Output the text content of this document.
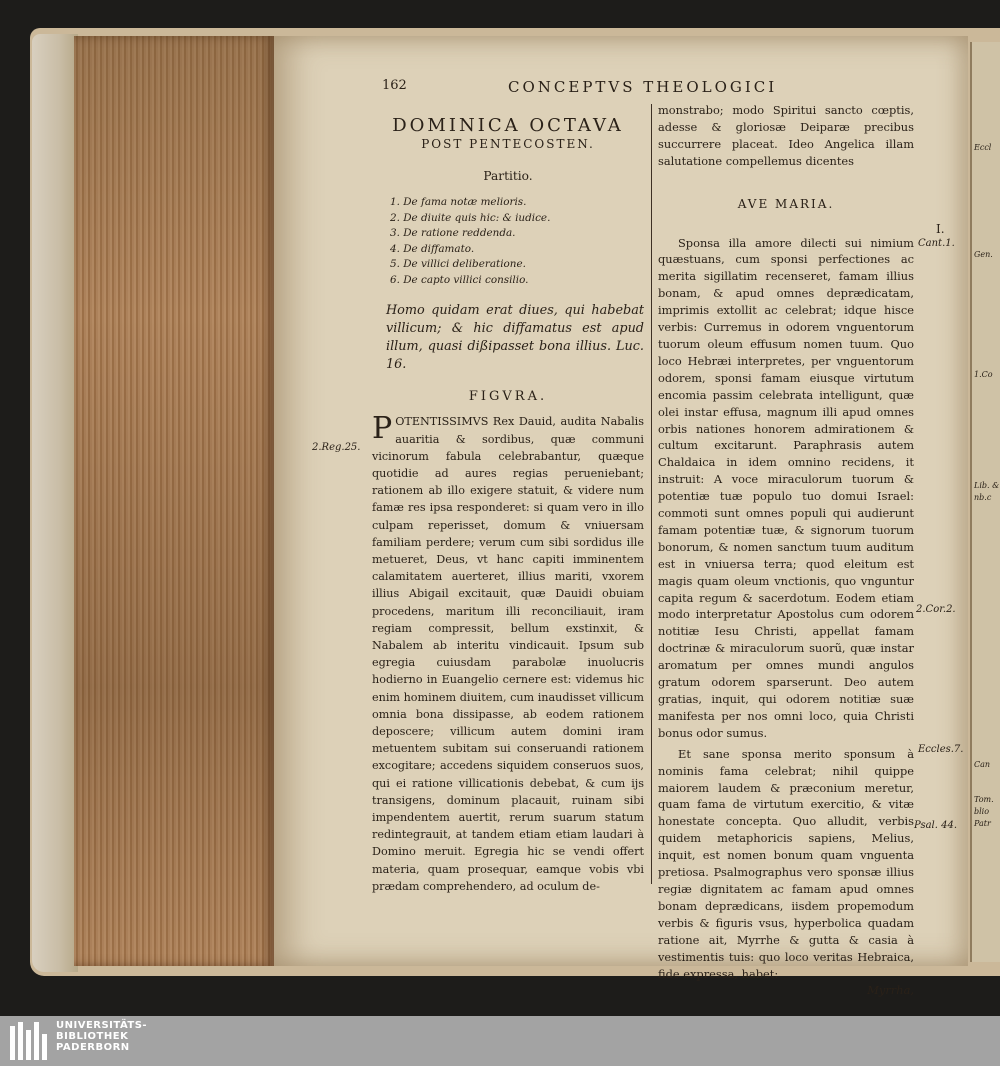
Eccl
Gen.
1.Co
Lib. & nb.c
Can
Tom. blio Patr
162	CONCEPTVS THEOLOGICI
DOMINICA OCTAVA
POST PENTECOSTEN.
Partitio.
1. De fama notæ melioris.
2. De diuite quis hic: & iudice.
3. De ratione reddenda.
4. De diffamato.
5. De villici deliberatione.
6. De capto villici consilio.

Homo quidam erat diues, qui habebat villicum; & hic diffamatus est apud illum, quasi dißipasset bona illius. Luc. 16.

FIGVRA.

POTENTISSIMVS Rex Dauid, audita Nabalis auaritia & sordibus, quæ communi vicinorum fabula celebrabantur, quæque quotidie ad aures regias perueniebant; rationem ab illo exigere statuit, & videre num famæ res ipsa responderet: si quam vero in illo culpam reperisset, domum & vniuersam familiam perdere; verum cum sibi sordidus ille metueret, Deus, vt hanc capiti imminentem calamitatem auerteret, illius mariti, vxorem illius Abigail excitauit, quæ Dauidi obuiam procedens, maritum illi reconciliauit, iram regiam compressit, bellum exstinxit, & Nabalem ab interitu vindicauit. Ipsum sub egregia cuiusdam parabolæ inuolucris hodierno in Euangelio cernere est: videmus hic enim hominem diuitem, cum inaudisset villicum omnia bona dissipasse, ab eodem rationem deposcere; villicum autem domini iram metuentem subitam sui conseruandi rationem excogitare; accedens siquidem conseruos suos, qui ei ratione villicationis debebat, & cum ijs transigens, dominum placauit, ruinam sibi impendentem auertit, rerum suarum statum redintegrauit, at tandem etiam etiam laudari à Domino meruit. Egregia hic se vendi offert materia, quam prosequar, eamque vobis vbi prædam comprehendero, ad oculum de-

monstrabo; modo Spiritui sancto cœptis, adesse & gloriosæ Deiparæ precibus succurrere placeat. Ideo Angelica illam salutatione compellemus dicentes

AVE MARIA.

Sponsa illa amore dilecti sui nimium quæstuans, cum sponsi perfectiones ac merita sigillatim recenseret, famam illius bonam, & apud omnes deprædicatam, imprimis extollit ac celebrat; idque hisce verbis: Curremus in odorem vnguentorum tuorum oleum effusum nomen tuum. Quo loco Hebræi interpretes, per vnguentorum odorem, sponsi famam eiusque virtutum encomia passim celebrata intelligunt, quæ olei instar effusa, magnum illi apud omnes orbis nationes honorem admirationem & cultum excitarunt. Paraphrasis autem Chaldaica in idem omnino recidens, it instruit: A voce miraculorum tuorum & potentiæ tuæ populo tuo domui Israel: commoti sunt omnes populi qui audierunt famam potentiæ tuæ, & signorum tuorum bonorum, & nomen sanctum tuum auditum est in vniuersa terra; quod eleitum est magis quam oleum vnctionis, quo vnguntur capita regum & sacerdotum. Eodem etiam modo interpretatur Apostolus cum odorem notitiæ Iesu Christi, appellat famam doctrinæ & miraculorum suorũ, quæ instar aromatum per omnes mundi angulos gratum odorem sparserunt. Deo autem gratias, inquit, qui odorem notitiæ suæ manifesta per nos omni loco, quia Christi bonus odor sumus.

Et sane sponsa merito sponsum à nominis fama celebrat; nihil quippe maiorem laudem & præconium meretur, quam fama de virtutum exercitio, & vitæ honestate concepta. Quo alludit, verbis quidem metaphoricis sapiens, Melius, inquit, est nomen bonum quam vnguenta pretiosa. Psalmographus vero sponsæ illius regiæ dignitatem ac famam apud omnes bonam deprædicans, iisdem propemodum verbis & figuris vsus, hyperbolica quadam ratione ait, Myrrhe & gutta & casia à vestimentis tuis: quo loco veritas Hebraica, fide expressa, habet:

Myrrha,
2.Reg.25.
I.
Cant.1.
2.Cor.2.
Eccles.7.
Psal. 44.
UNIVERSITÄTS-
BIBLIOTHEK
PADERBORN
